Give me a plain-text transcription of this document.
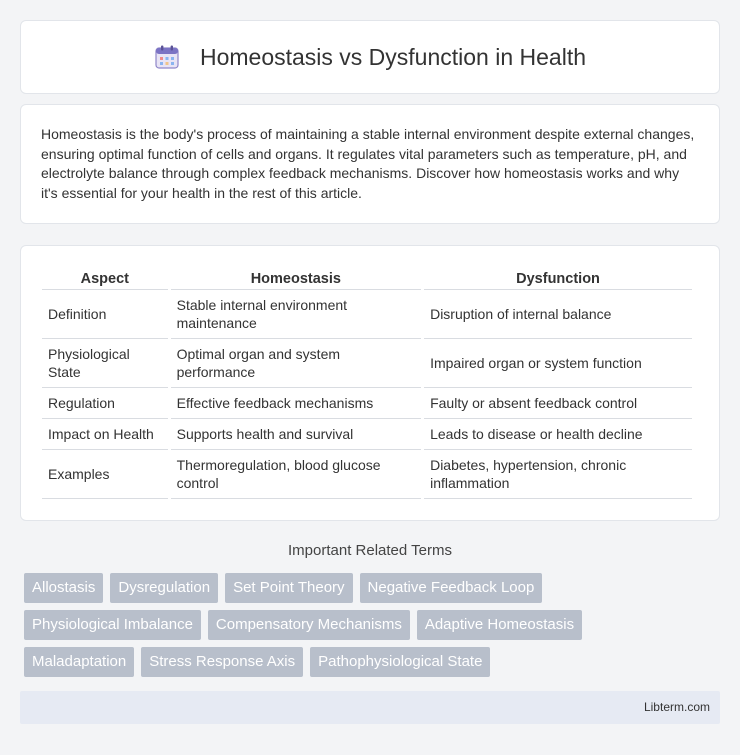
Homeostasis vs Dysfunction in Health

Homeostasis is the body's process of maintaining a stable internal environment despite external changes, ensuring optimal function of cells and organs. It regulates vital parameters such as temperature, pH, and electrolyte balance through complex feedback mechanisms. Discover how homeostasis works and why it's essential for your health in the rest of this article.

Aspect	Homeostasis	Dysfunction
Definition	Stable internal environment maintenance	Disruption of internal balance
Physiological State	Optimal organ and system performance	Impaired organ or system function
Regulation	Effective feedback mechanisms	Faulty or absent feedback control
Impact on Health	Supports health and survival	Leads to disease or health decline
Examples	Thermoregulation, blood glucose control	Diabetes, hypertension, chronic inflammation
Important Related Terms
Allostasis	Dysregulation	Set Point Theory	Negative Feedback Loop
Physiological Imbalance	Compensatory Mechanisms	Adaptive Homeostasis
Maladaptation	Stress Response Axis	Pathophysiological State
Libterm.com
